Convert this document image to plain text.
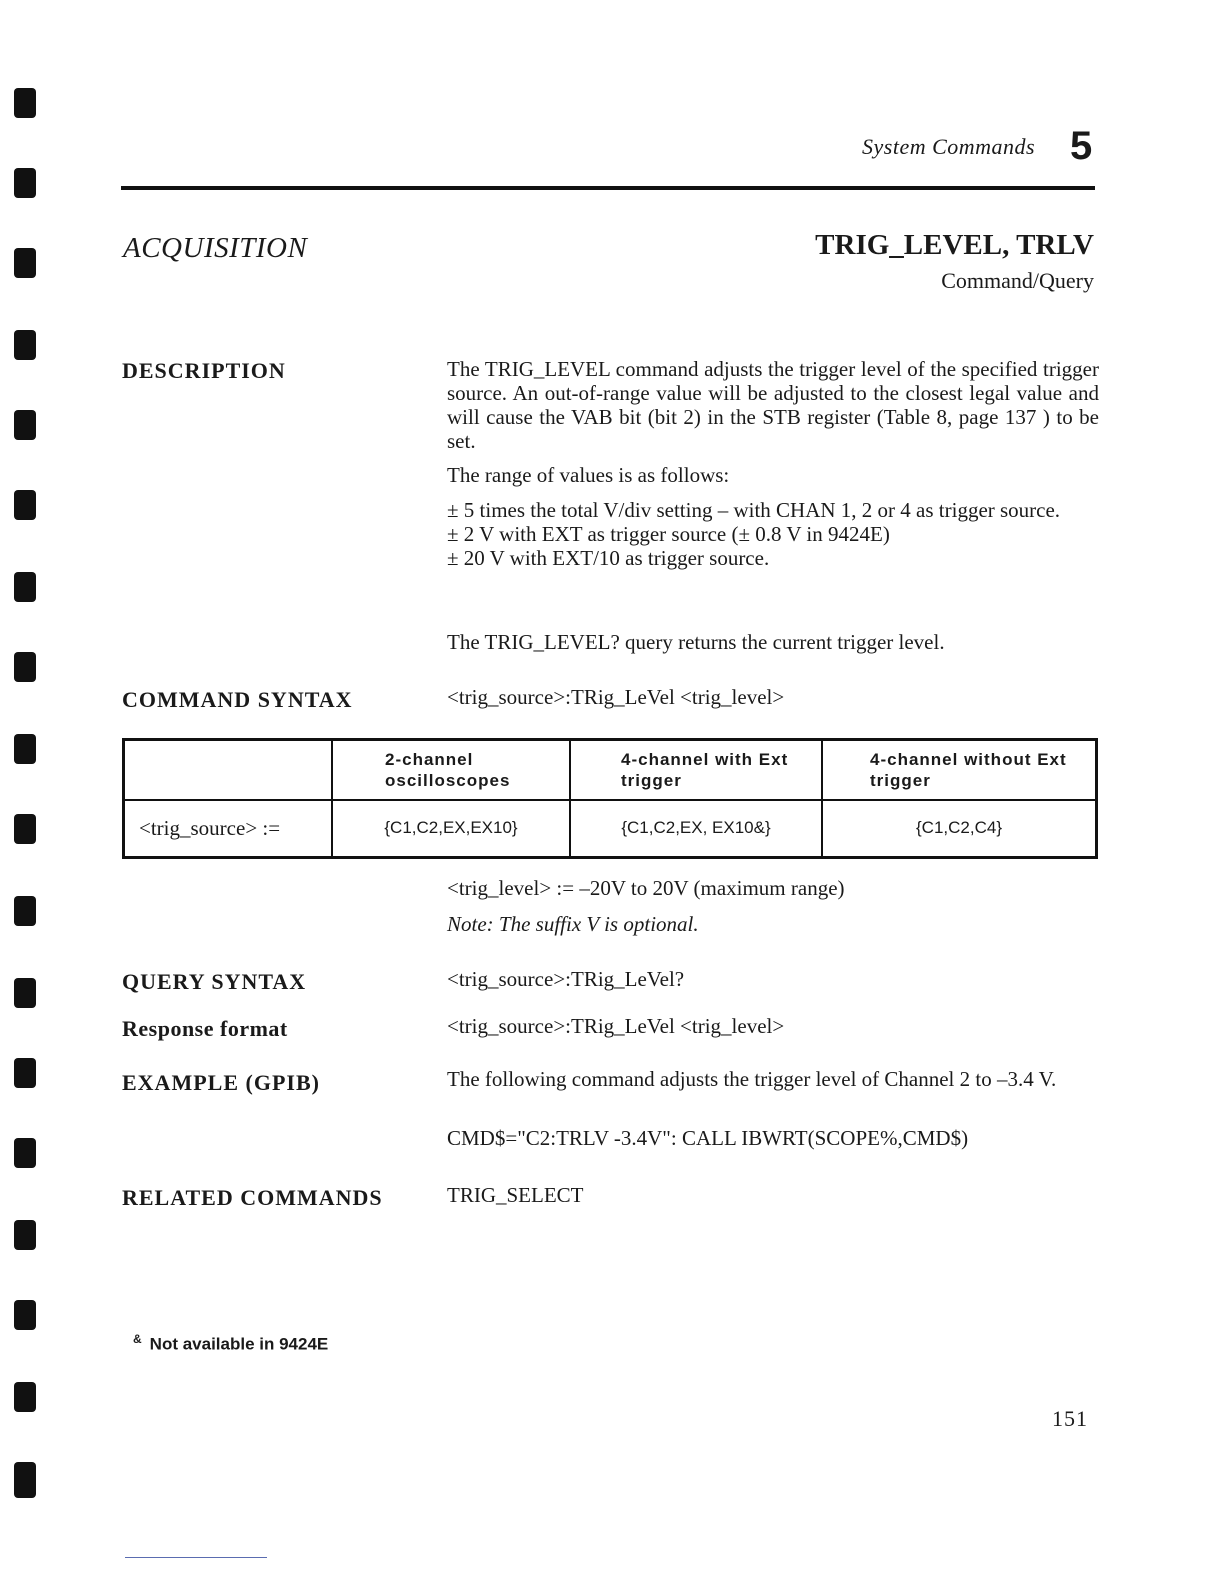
System Commands 5
ACQUISITION	TRIG_LEVEL, TRLV
Command/Query
DESCRIPTION	The TRIG_LEVEL command adjusts the trigger level of the specified trigger source. An out-of-range value will be adjusted to the closest legal value and will cause the VAB bit (bit 2) in the STB register (Table 8, page 137 ) to be set.
The range of values is as follows:
± 5 times the total V/div setting – with CHAN 1, 2 or 4 as trigger source.
± 2 V with EXT as trigger source (± 0.8 V in 9424E)
± 20 V with EXT/10 as trigger source.
The TRIG_LEVEL? query returns the current trigger level.
COMMAND SYNTAX	<trig_source>:TRig_LeVel <trig_level>

	2-channel oscilloscopes	4-channel with Ext trigger	4-channel without Ext trigger

<trig_source> :=	{C1,C2,EX,EX10}	{C1,C2,EX, EX10&}	{C1,C2,C4}
<trig_level> := –20V to 20V (maximum range)
Note: The suffix V is optional.
QUERY SYNTAX	<trig_source>:TRig_LeVel?
Response format	<trig_source>:TRig_LeVel <trig_level>
EXAMPLE (GPIB)	The following command adjusts the trigger level of Channel 2 to –3.4 V.
CMD$="C2:TRLV -3.4V": CALL IBWRT(SCOPE%,CMD$)
RELATED COMMANDS	TRIG_SELECT
& Not available in 9424E
151
